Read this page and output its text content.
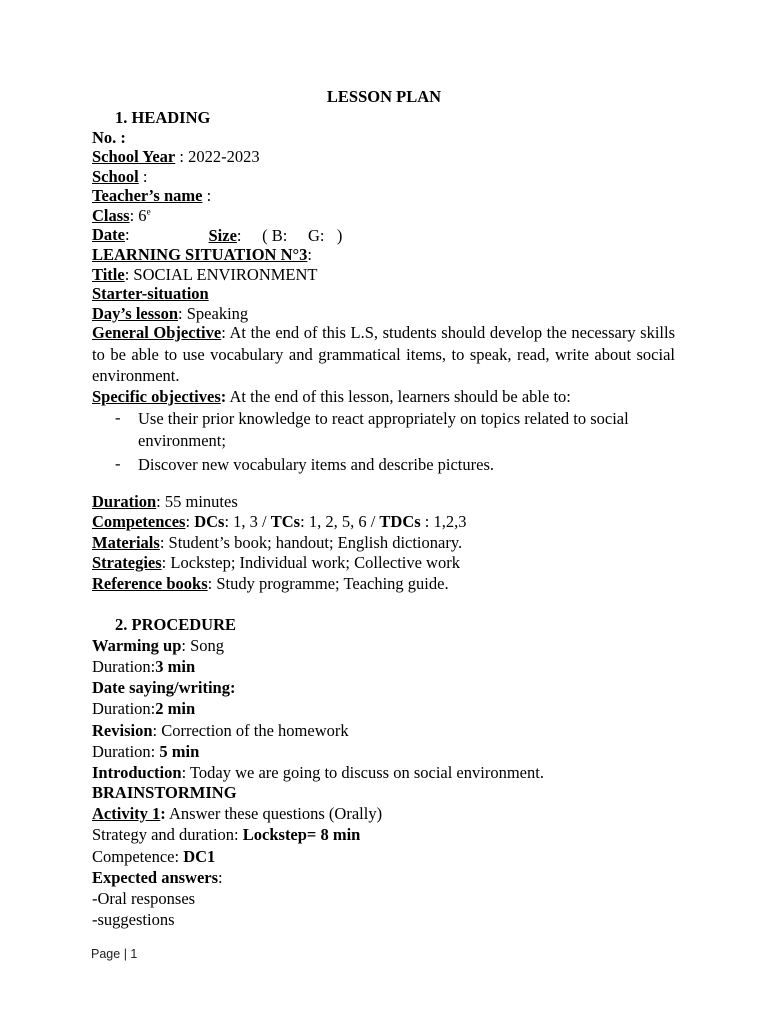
LESSON PLAN
1. HEADING
No. :
School Year : 2022-2023
School :
Teacher’s name :
Class: 6e

Size:     ( B:     G:   )

Date:
LEARNING SITUATION N°3:
Title: SOCIAL ENVIRONMENT
Starter-situation
Day’s lesson: Speaking
General Objective: At the end of this L.S, students should develop the necessary skills to be able to use vocabulary and grammatical items, to speak, read, write about social environment.
Specific objectives: At the end of this lesson, learners should be able to:
- Use their prior knowledge to react appropriately on topics related to social environment;
- Discover new vocabulary items and describe pictures.
Duration: 55 minutes
Competences: DCs: 1, 3 / TCs: 1, 2, 5, 6 / TDCs : 1,2,3
Materials: Student’s book; handout; English dictionary.
Strategies: Lockstep; Individual work; Collective work
Reference books: Study programme; Teaching guide.
2. PROCEDURE
Warming up: Song
Duration:3 min
Date saying/writing:
Duration:2 min
Revision: Correction of the homework
Duration: 5 min
Introduction: Today we are going to discuss on social environment.
BRAINSTORMING
Activity 1: Answer these questions (Orally)
Strategy and duration: Lockstep= 8 min
Competence: DC1
Expected answers:
-Oral responses
-suggestions
Page | 1
